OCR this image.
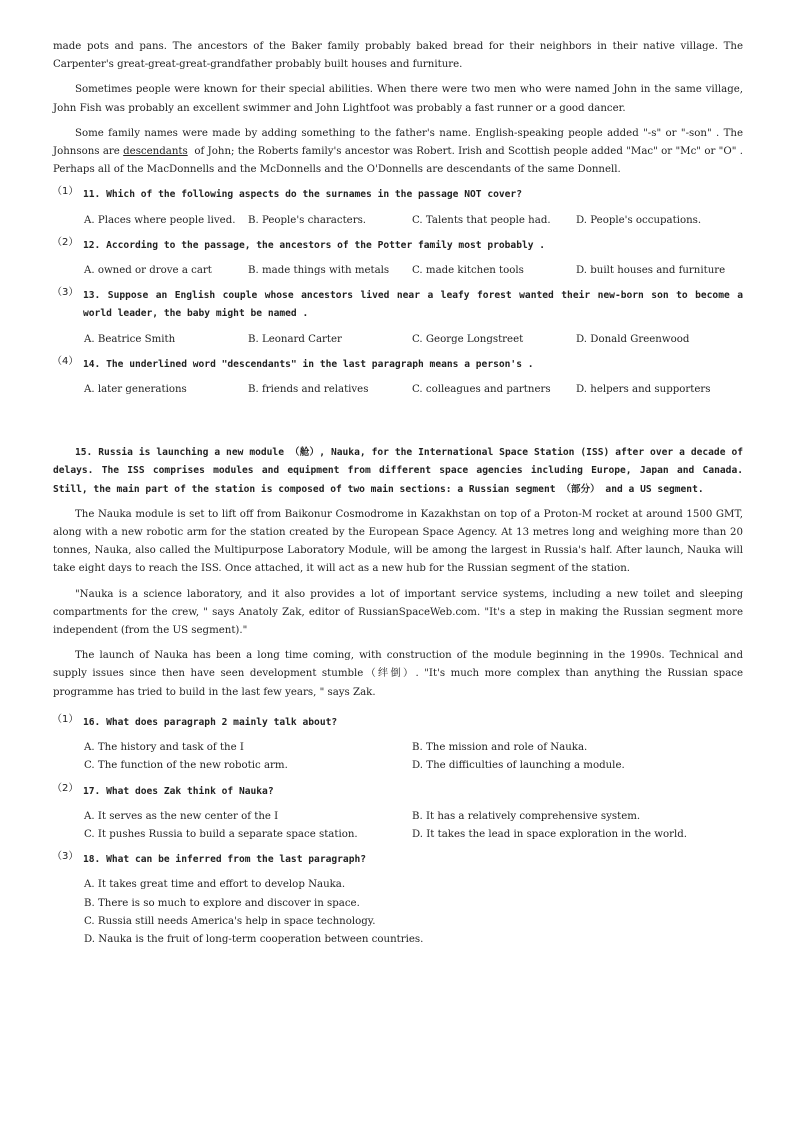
made pots and pans. The ancestors of the Baker family probably baked bread for their neighbors in their native village. The Carpenter's great-great-great-grandfather probably built houses and furniture.

Sometimes people were known for their special abilities. When there were two men who were named John in the same village, John Fish was probably an excellent swimmer and John Lightfoot was probably a fast runner or a good dancer.

Some family names were made by adding something to the father's name. English-speaking people added "-s" or "-son" . The Johnsons are descendants  of John; the Roberts family's ancestor was Robert. Irish and Scottish people added "Mac" or "Mc" or "O" . Perhaps all of the MacDonnells and the McDonnells and the O'Donnells are descendants of the same Donnell.

（1） 11. Which of the following aspects do the surnames in the passage NOT cover?

A. Places where people lived.	B. People's characters.	C. Talents that people had.	D. People's occupations.
（2） 12. According to the passage, the ancestors of the Potter family most probably .

A. owned or drove a cart	B. made things with metals	C. made kitchen tools	D. built houses and furniture
（3） 13. Suppose an English couple whose ancestors lived near a leafy forest wanted their new-born son to become a world leader, the baby might be named .

A. Beatrice Smith	B. Leonard Carter	C. George Longstreet	D. Donald Greenwood
（4） 14. The underlined word "descendants" in the last paragraph means a person's .

A. later generations	B. friends and relatives	C. colleagues and partners	D. helpers and supporters

15. Russia is launching a new module （舱）, Nauka, for the International Space Station (ISS) after over a decade of delays. The ISS comprises modules and equipment from different space agencies including Europe, Japan and Canada. Still, the main part of the station is composed of two main sections: a Russian segment （部分） and a US segment.

The Nauka module is set to lift off from Baikonur Cosmodrome in Kazakhstan on top of a Proton-M rocket at around 1500 GMT, along with a new robotic arm for the station created by the European Space Agency. At 13 metres long and weighing more than 20 tonnes, Nauka, also called the Multipurpose Laboratory Module, will be among the largest in Russia's half. After launch, Nauka will take eight days to reach the ISS. Once attached, it will act as a new hub for the Russian segment of the station.

"Nauka is a science laboratory, and it also provides a lot of important service systems, including a new toilet and sleeping compartments for the crew, " says Anatoly Zak, editor of RussianSpaceWeb.com. "It's a step in making the Russian segment more independent (from the US segment)."

The launch of Nauka has been a long time coming, with construction of the module beginning in the 1990s. Technical and supply issues since then have seen development stumble（绊倒）. "It's much more complex than anything the Russian space programme has tried to build in the last few years, " says Zak.

（1） 16. What does paragraph 2 mainly talk about?

A. The history and task of the I	B. The mission and role of Nauka.
C. The function of the new robotic arm.	D. The difficulties of launching a module.
（2） 17. What does Zak think of Nauka?

A. It serves as the new center of the I	B. It has a relatively comprehensive system.
C. It pushes Russia to build a separate space station.	D. It takes the lead in space exploration in the world.
（3） 18. What can be inferred from the last paragraph?

A. It takes great time and effort to develop Nauka.
B. There is so much to explore and discover in space.
C. Russia still needs America's help in space technology.
D. Nauka is the fruit of long-term cooperation between countries.
